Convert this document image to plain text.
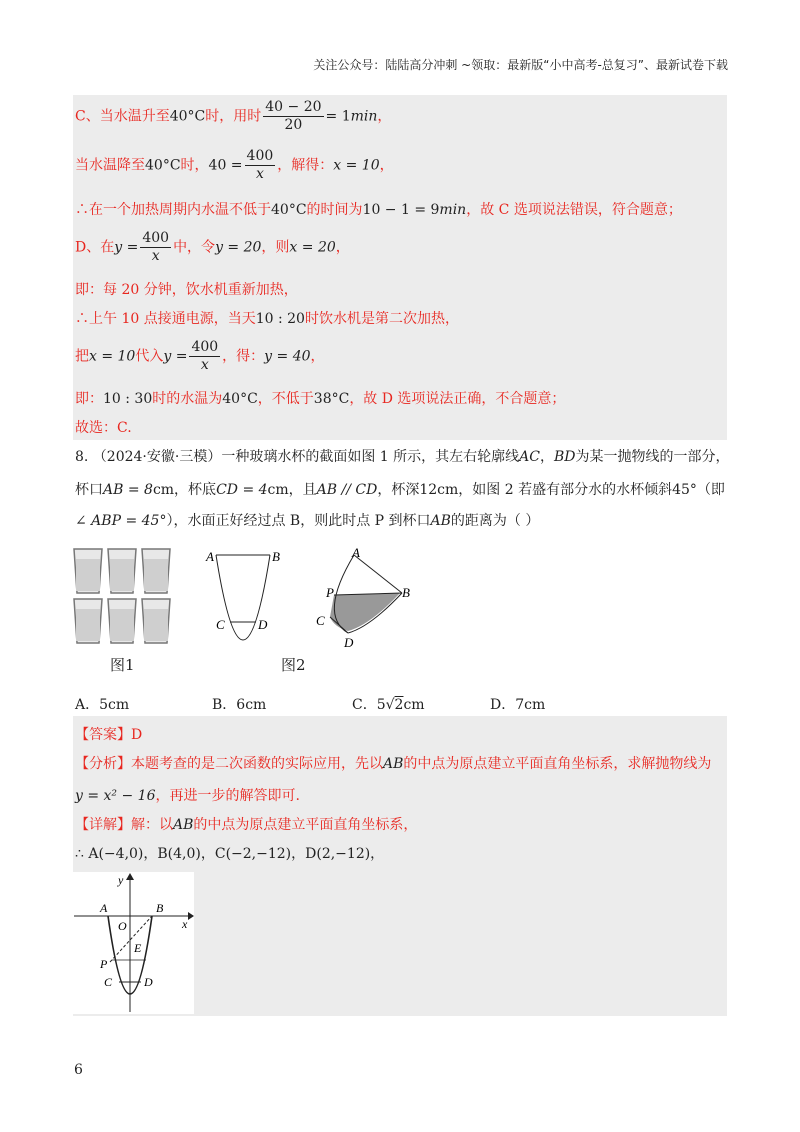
关注公众号：陆陆高分冲刺 ~领取：最新版“小中高考-总复习”、最新试卷下载
C、当水温升至40°C时，用时 $\frac{40 - 20}{20} = 1\min$，
当水温降至40°C时，$40 = \frac{400}{x}$ ，解得：x = 10，
∴在一个加热周期内水温不低于40°C的时间为10 − 1 = 9min，故 C 选项说法错误，符合题意；
D、在$y = \frac{400}{x}$ 中，令y = 20，则x = 20，
即：每 20 分钟，饮水机重新加热，
∴上午 10 点接通电源，当天10 : 20时饮水机是第二次加热，
把x = 10代入$y = \frac{400}{x}$ ，得：y = 40，
即：10 : 30时的水温为40°C，不低于38°C，故 D 选项说法正确，不合题意；
故选：C.
8. （2024·安徽·三模）一种玻璃水杯的截面如图 1 所示，其左右轮廓线AC，BD为某一抛物线的一部分，
杯口AB = 8cm，杯底CD = 4cm，且AB // CD，杯深12cm，如图 2 若盛有部分水的水杯倾斜45°（即
∠ ABP = 45°），水面正好经过点 B，则此时点 P 到杯口AB的距离为（ ）
图1
A	B
C	D
A
B
P
C
D
图2
A．5cm	B．6cm	C．5√2cm	D．7cm
【答案】D
【分析】本题考查的是二次函数的实际应用，先以AB的中点为原点建立平面直角坐标系，求解抛物线为
y = x² − 16，再进一步的解答即可.
【详解】解：以AB的中点为原点建立平面直角坐标系，
∴ A(−4,0)，B(4,0)，C(−2,−12)，D(2,−12)，
y
x
O
A	B
E
P
C	D
6
